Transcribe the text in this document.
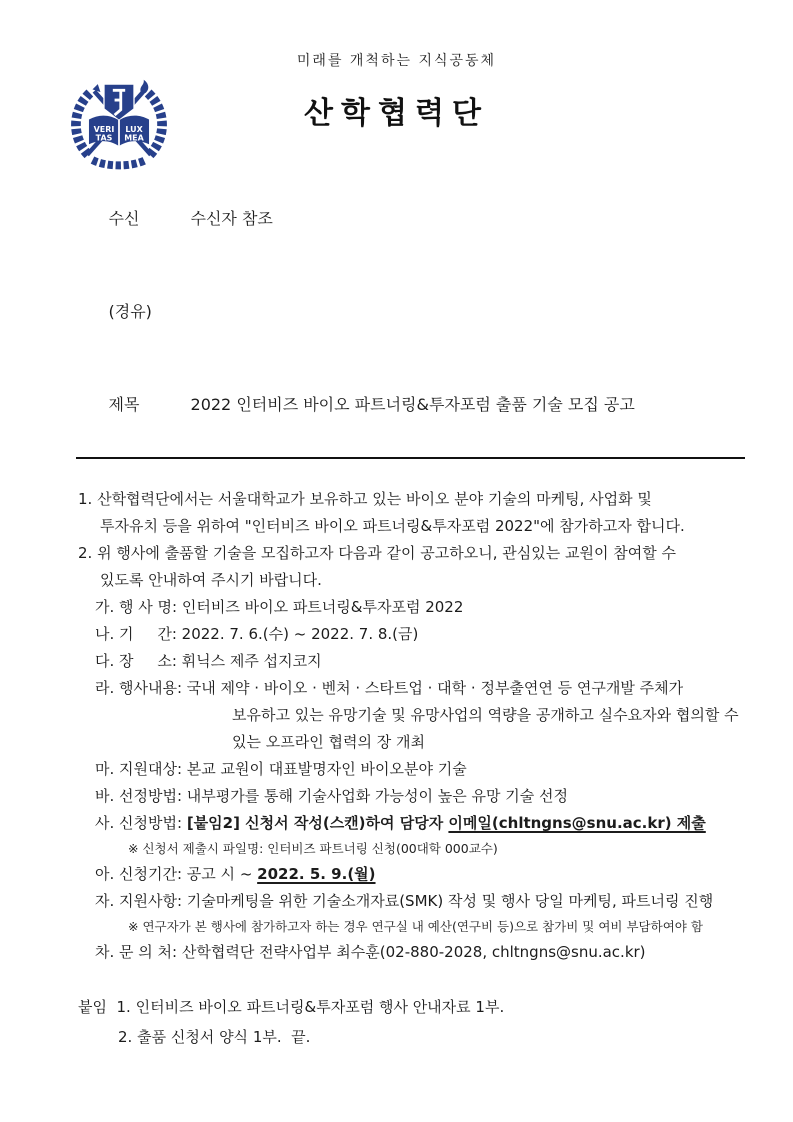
미래를 개척하는 지식공동체
VERI
TAS
LUX
MEA
산학협력단

수신	수신자 참조

(경유)

제목	2022 인터비즈 바이오 파트너링&투자포럼 출품 기술 모집 공고

1. 산학협력단에서는 서울대학교가 보유하고 있는 바이오 분야 기술의 마케팅, 사업화 및
투자유치 등을 위하여 "인터비즈 바이오 파트너링&투자포럼 2022"에 참가하고자 합니다.
2. 위 행사에 출품할 기술을 모집하고자 다음과 같이 공고하오니, 관심있는 교원이 참여할 수
있도록 안내하여 주시기 바랍니다.
가. 행 사 명: 인터비즈 바이오 파트너링&투자포럼 2022
나. 기     간: 2022. 7. 6.(수) ~ 2022. 7. 8.(금)
다. 장     소: 휘닉스 제주 섭지코지
라. 행사내용: 국내 제약 · 바이오 · 벤처 · 스타트업 · 대학 · 정부출연연 등 연구개발 주체가
보유하고 있는 유망기술 및 유망사업의 역량을 공개하고 실수요자와 협의할 수
있는 오프라인 협력의 장 개최
마. 지원대상: 본교 교원이 대표발명자인 바이오분야 기술
바. 선정방법: 내부평가를 통해 기술사업화 가능성이 높은 유망 기술 선정
사. 신청방법: [붙임2] 신청서 작성(스캔)하여 담당자 이메일(chltngns@snu.ac.kr) 제출
※ 신청서 제출시 파일명: 인터비즈 파트너링 신청(00대학 000교수)
아. 신청기간: 공고 시 ~ 2022. 5. 9.(월)
자. 지원사항: 기술마케팅을 위한 기술소개자료(SMK) 작성 및 행사 당일 마케팅, 파트너링 진행
※ 연구자가 본 행사에 참가하고자 하는 경우 연구실 내 예산(연구비 등)으로 참가비 및 여비 부담하여야 함
차. 문 의 처: 산학협력단 전략사업부 최수훈(02-880-2028, chltngns@snu.ac.kr)
붙임  1. 인터비즈 바이오 파트너링&투자포럼 행사 안내자료 1부.
2. 출품 신청서 양식 1부.  끝.
